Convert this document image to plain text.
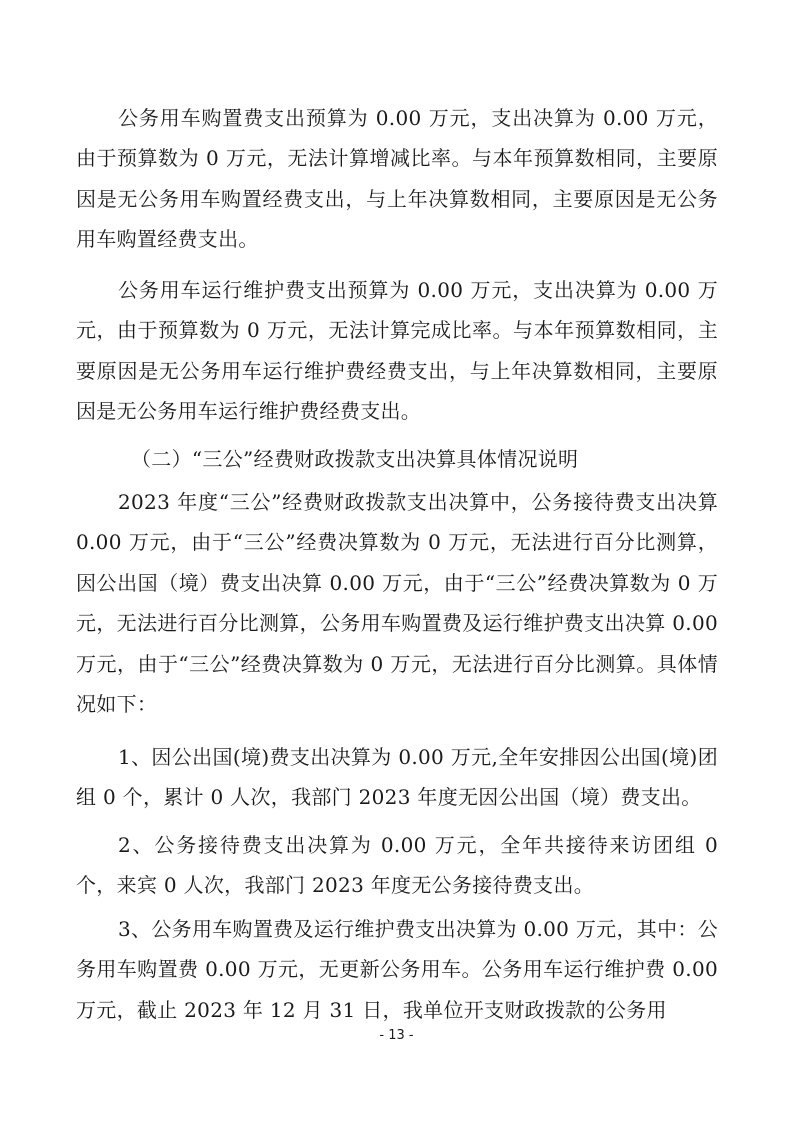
公务用车购置费支出预算为 0.00 万元，支出决算为 0.00 万元，由于预算数为 0 万元，无法计算增减比率。与本年预算数相同，主要原因是无公务用车购置经费支出，与上年决算数相同，主要原因是无公务用车购置经费支出。

公务用车运行维护费支出预算为 0.00 万元，支出决算为 0.00 万元，由于预算数为 0 万元，无法计算完成比率。与本年预算数相同，主要原因是无公务用车运行维护费经费支出，与上年决算数相同，主要原因是无公务用车运行维护费经费支出。

（二）“三公”经费财政拨款支出决算具体情况说明

2023 年度“三公”经费财政拨款支出决算中，公务接待费支出决算 0.00 万元，由于“三公”经费决算数为 0 万元，无法进行百分比测算，因公出国（境）费支出决算 0.00 万元，由于“三公”经费决算数为 0 万元，无法进行百分比测算，公务用车购置费及运行维护费支出决算 0.00 万元，由于“三公”经费决算数为 0 万元，无法进行百分比测算。具体情况如下：

1、因公出国(境)费支出决算为 0.00 万元,全年安排因公出国(境)团组 0 个，累计 0 人次，我部门 2023 年度无因公出国（境）费支出。

2、公务接待费支出决算为 0.00 万元，全年共接待来访团组 0 个，来宾 0 人次，我部门 2023 年度无公务接待费支出。

3、公务用车购置费及运行维护费支出决算为 0.00 万元，其中：公务用车购置费 0.00 万元，无更新公务用车。公务用车运行维护费 0.00 万元，截止 2023 年 12 月 31 日，我单位开支财政拨款的公务用

- 13 -
